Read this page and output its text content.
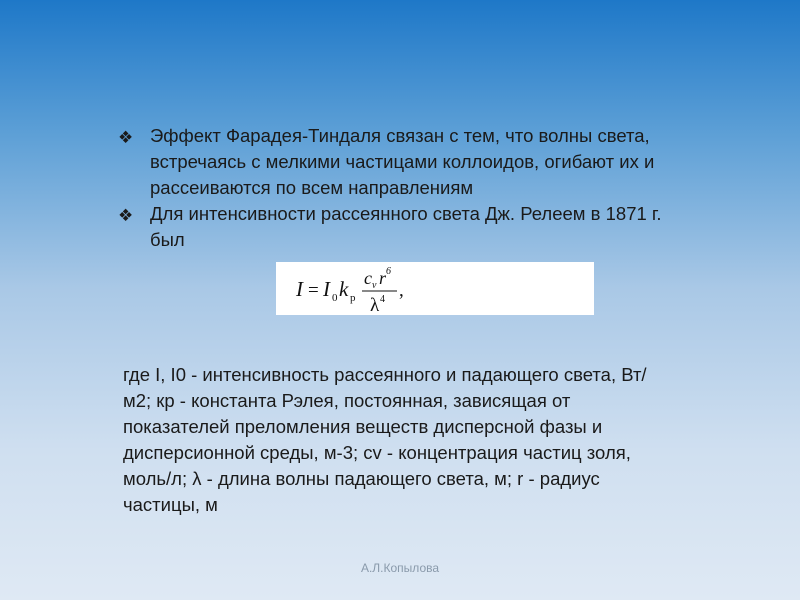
❖ Эффект Фарадея-Тиндаля связан с тем, что волны света, встречаясь с мелкими частицами коллоидов, огибают их и рассеиваются по всем направлениям
❖ Для интенсивности рассеянного света Дж. Релеем в 1871 г. был
I = I 0 k p
c v r 6
λ 4 ,
где I, I0 - интенсивность рассеянного и падающего света, Вт/м2; кр - константа Рэлея, постоянная, зависящая от показателей преломления веществ дисперсной фазы и дисперсионной среды, м-3; cv - концентрация частиц золя, моль/л; λ - длина волны падающего света, м; r - радиус частицы, м
А.Л.Копылова
